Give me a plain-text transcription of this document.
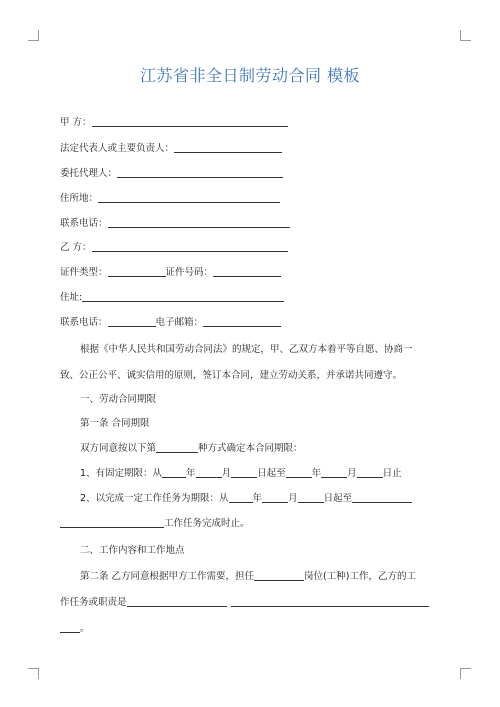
江苏省非全日制劳动合同 模板
甲 方：
法定代表人或主要负责人：
委托代理人：
住所地：
联系电话：
乙 方：
证件类型：	证件号码：
住址:
联系电话：	电子邮箱：
根据《中华人民共和国劳动合同法》的规定，甲、乙双方本着平等自愿、协商一
致、公正公平、诚实信用的原则，签订本合同，建立劳动关系，并承诺共同遵守。
一、劳动合同期限
第一条 合同期限
双方同意按以下第	种方式确定本合同期限：
1、有固定期限：从	年	月	日起至	年	月	日止
2、以完成一定工作任务为期限：从	年	月	日起至
工作任务完成时止。
二、工作内容和工作地点
第二条 乙方同意根据甲方工作需要，担任	岗位(工种)工作，乙方的工
作任务或职责是
。
